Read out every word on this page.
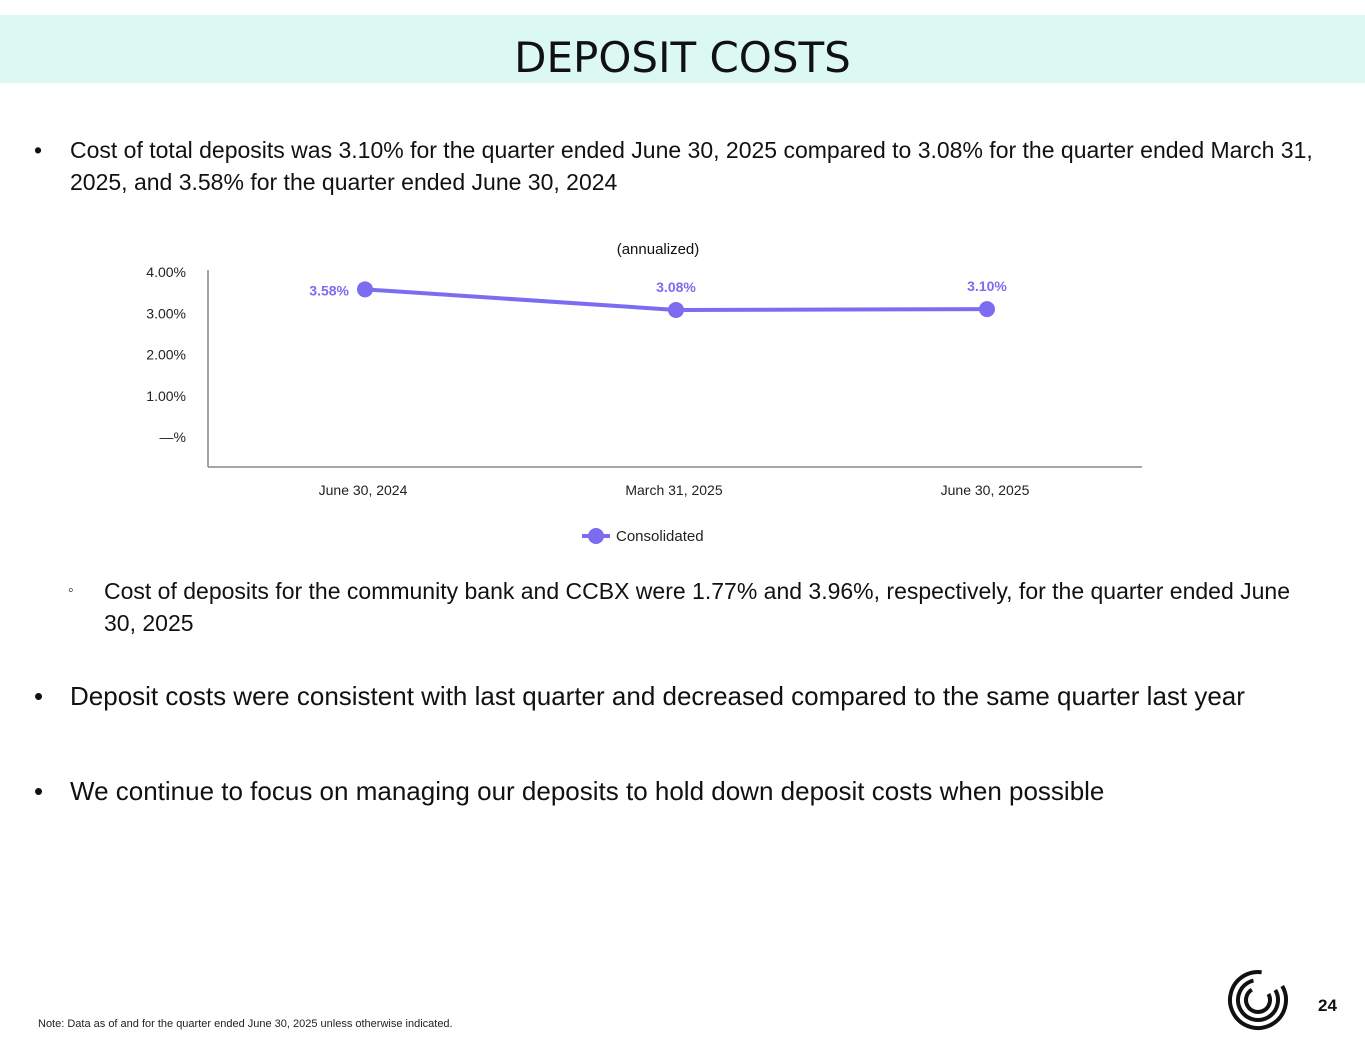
DEPOSIT COSTS
•	Cost of total deposits was 3.10% for the quarter ended June 30, 2025 compared to 3.08% for the quarter ended March 31, 2025, and 3.58% for the quarter ended June 30, 2024
(annualized)
—%
1.00%
2.00%
3.00%
4.00%
June 30, 2024	March 31, 2025	June 30, 2025
3.58%	3.08%	3.10%
Consolidated
◦	Cost of deposits for the community bank and CCBX were 1.77% and 3.96%, respectively, for the quarter ended June 30, 2025
•	Deposit costs were consistent with last quarter and decreased compared to the same quarter last year
•	We continue to focus on managing our deposits to hold down deposit costs when possible
Note: Data as of and for the quarter ended June 30, 2025 unless otherwise indicated.
24
